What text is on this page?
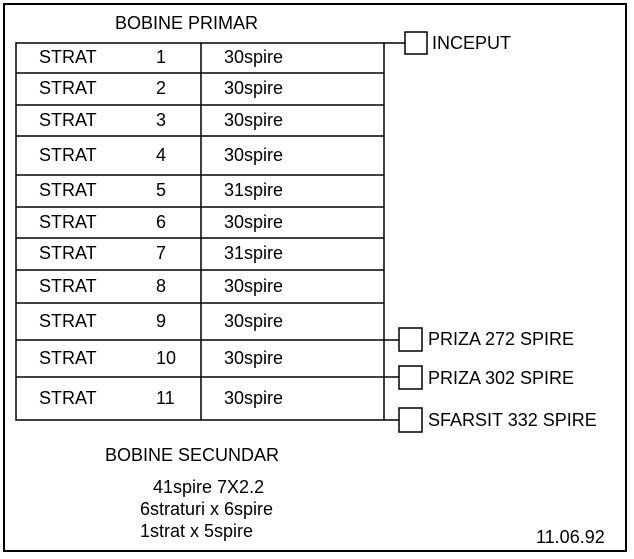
BOBINE PRIMAR
STRAT	1	30spire
STRAT	2	30spire
STRAT	3	30spire
STRAT	4	30spire
STRAT	5	31spire
STRAT	6	30spire
STRAT	7	31spire
STRAT	8	30spire
STRAT	9	30spire
STRAT	10	30spire
STRAT	11	30spire
INCEPUT
PRIZA 272 SPIRE
PRIZA 302 SPIRE
SFARSIT 332 SPIRE
BOBINE SECUNDAR
41spire 7X2.2
6straturi x 6spire
1strat x 5spire	11.06.92
